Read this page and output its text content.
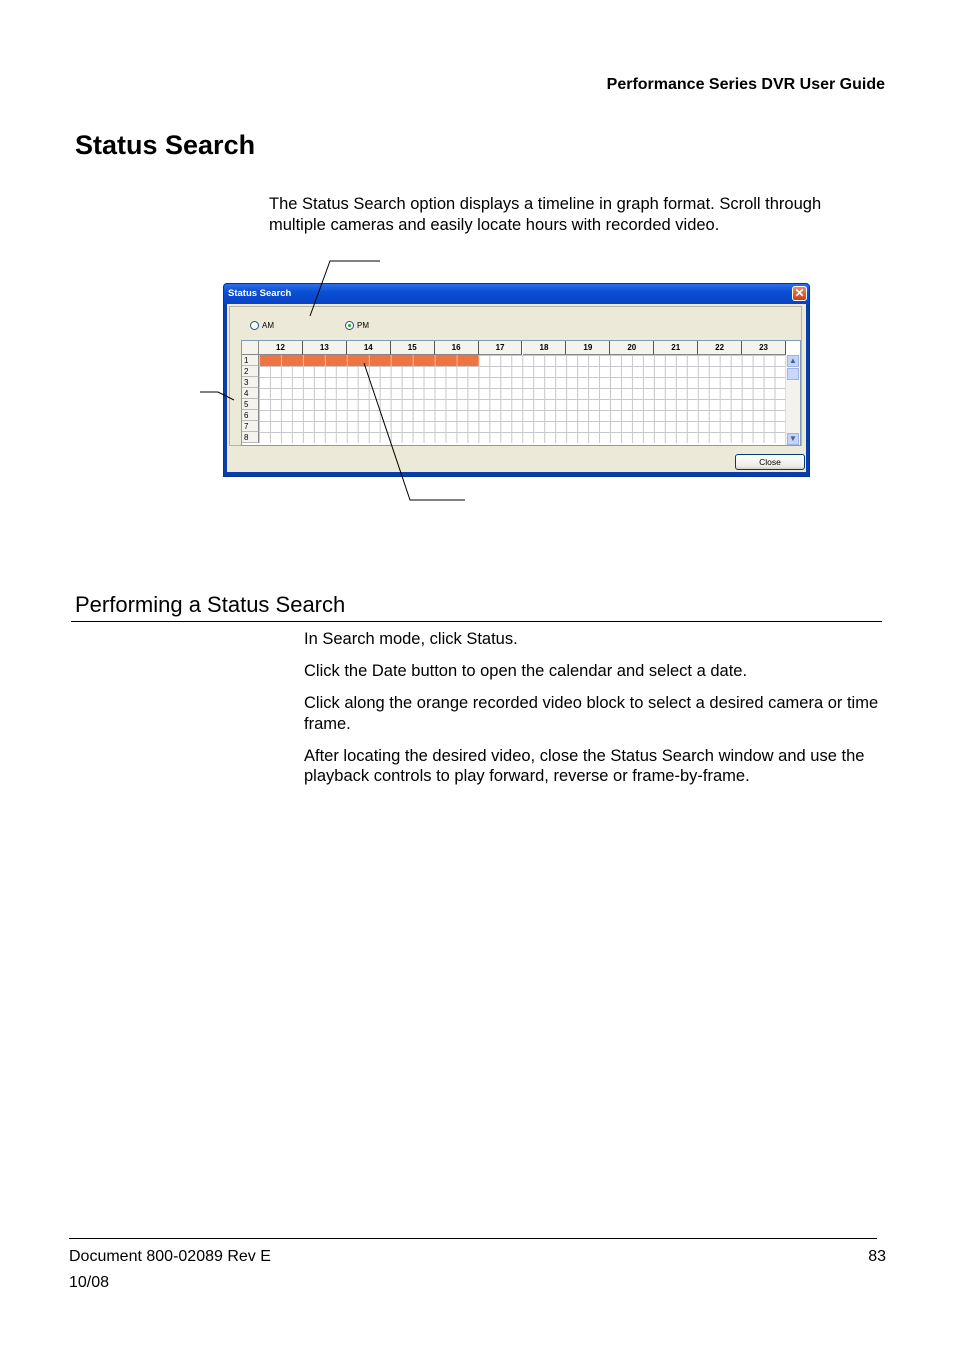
Performance Series DVR User Guide
Status Search

The Status Search option displays a timeline in graph format. Scroll through multiple cameras and easily locate hours with recorded video.

Status Search	✕
AM	PM
12	13	14	15	16	17	18	19	20	21	22	23
1
2
3
4
5
6
7
8
▲
▼
Close
Performing a Status Search
In Search mode, click Status.
Click the Date button to open the calendar and select a date.
Click along the orange recorded video block to select a desired camera or time frame.
After locating the desired video, close the Status Search window and use the playback controls to play forward, reverse or frame-by-frame.
Document 800-02089 Rev E
10/08
83
